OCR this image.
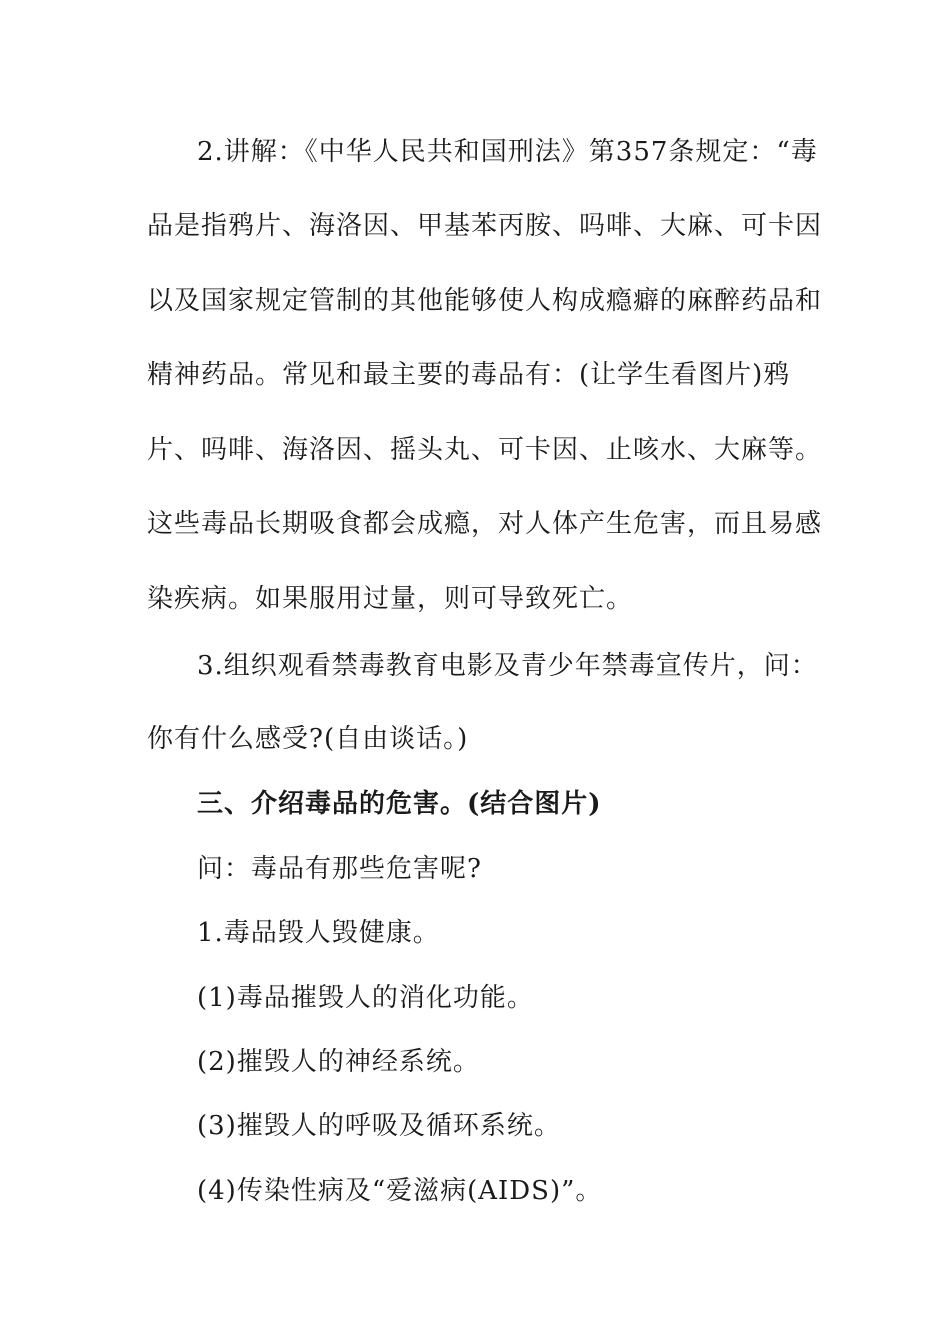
2.讲解：《中华人民共和国刑法》第357条规定：“毒
品是指鸦片、海洛因、甲基苯丙胺、吗啡、大麻、可卡因
以及国家规定管制的其他能够使人构成瘾癖的麻醉药品和
精神药品。常见和最主要的毒品有：(让学生看图片)鸦
片、吗啡、海洛因、摇头丸、可卡因、止咳水、大麻等。
这些毒品长期吸食都会成瘾，对人体产生危害，而且易感
染疾病。如果服用过量，则可导致死亡。
3.组织观看禁毒教育电影及青少年禁毒宣传片，问：
你有什么感受?(自由谈话。)
三、介绍毒品的危害。(结合图片)
问：毒品有那些危害呢?
1.毒品毁人毁健康。
(1)毒品摧毁人的消化功能。
(2)摧毁人的神经系统。
(3)摧毁人的呼吸及循环系统。
(4)传染性病及“爱滋病(AIDS)”。
